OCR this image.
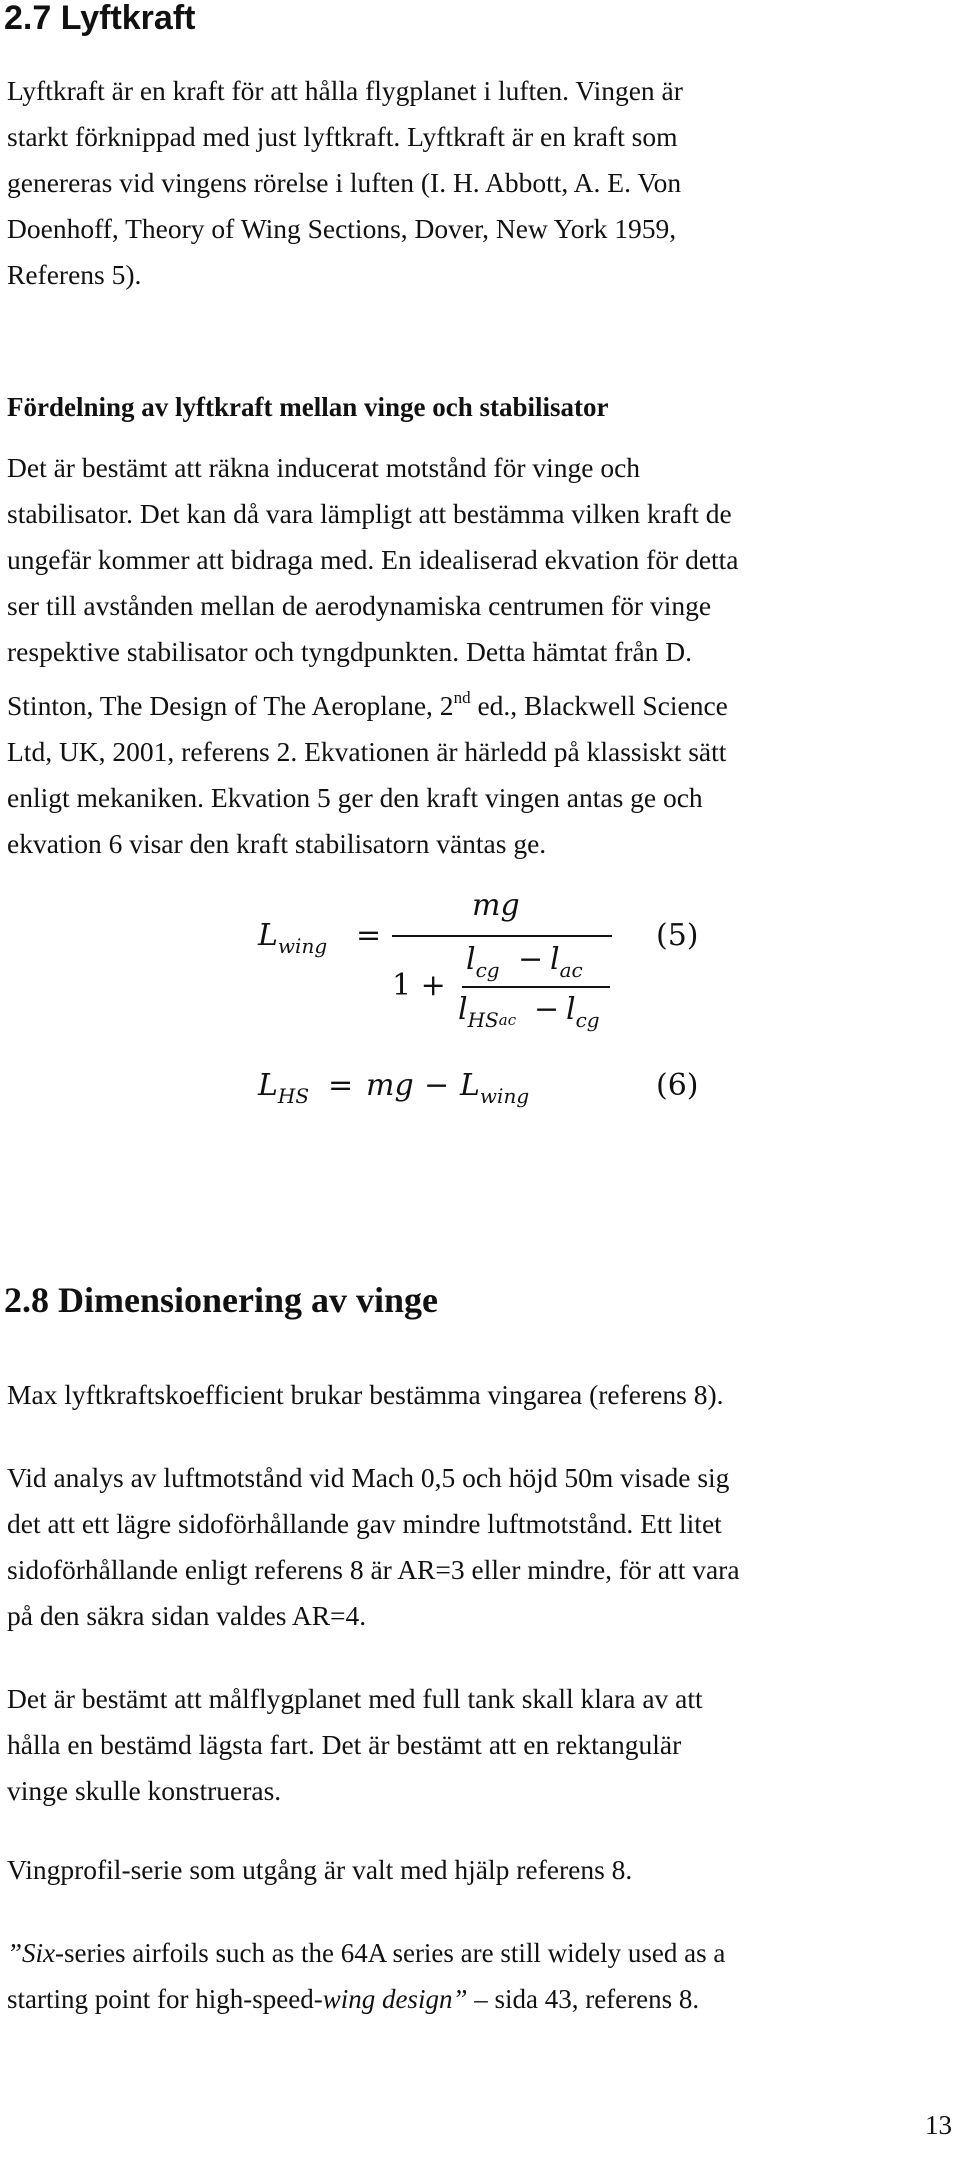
2.7 Lyftkraft

Lyftkraft är en kraft för att hålla flygplanet i luften. Vingen är
starkt förknippad med just lyftkraft. Lyftkraft är en kraft som
genereras vid vingens rörelse i luften (I. H. Abbott, A. E. Von
Doenhoff, Theory of Wing Sections, Dover, New York 1959,
Referens 5).

Fördelning av lyftkraft mellan vinge och stabilisator

Det är bestämt att räkna inducerat motstånd för vinge och
stabilisator. Det kan då vara lämpligt att bestämma vilken kraft de
ungefär kommer att bidraga med. En idealiserad ekvation för detta
ser till avstånden mellan de aerodynamiska centrumen för vinge
respektive stabilisator och tyngdpunkten. Detta hämtat från D.
Stinton, The Design of The Aeroplane, 2nd ed., Blackwell Science
Ltd, UK, 2001, referens 2. Ekvationen är härledd på klassiskt sätt
enligt mekaniken. Ekvation 5 ger den kraft vingen antas ge och
ekvation 6 visar den kraft stabilisatorn väntas ge.

$L_{wing}$ =
mg
1 +
$l_{cg} - l_{ac}$
$l_{HSac} - l_{cg}$
(5)
$L_{HS}$ = mg − $L_{wing}$	(6)
2.8 Dimensionering av vinge

Max lyftkraftskoefficient brukar bestämma vingarea (referens 8).

Vid analys av luftmotstånd vid Mach 0,5 och höjd 50m visade sig
det att ett lägre sidoförhållande gav mindre luftmotstånd. Ett litet
sidoförhållande enligt referens 8 är AR=3 eller mindre, för att vara
på den säkra sidan valdes AR=4.

Det är bestämt att målflygplanet med full tank skall klara av att
hålla en bestämd lägsta fart. Det är bestämt att en rektangulär
vinge skulle konstrueras.

Vingprofil-serie som utgång är valt med hjälp referens 8.

”Six-series airfoils such as the 64A series are still widely used as a
starting point for high-speed-wing design” – sida 43, referens 8.

13
